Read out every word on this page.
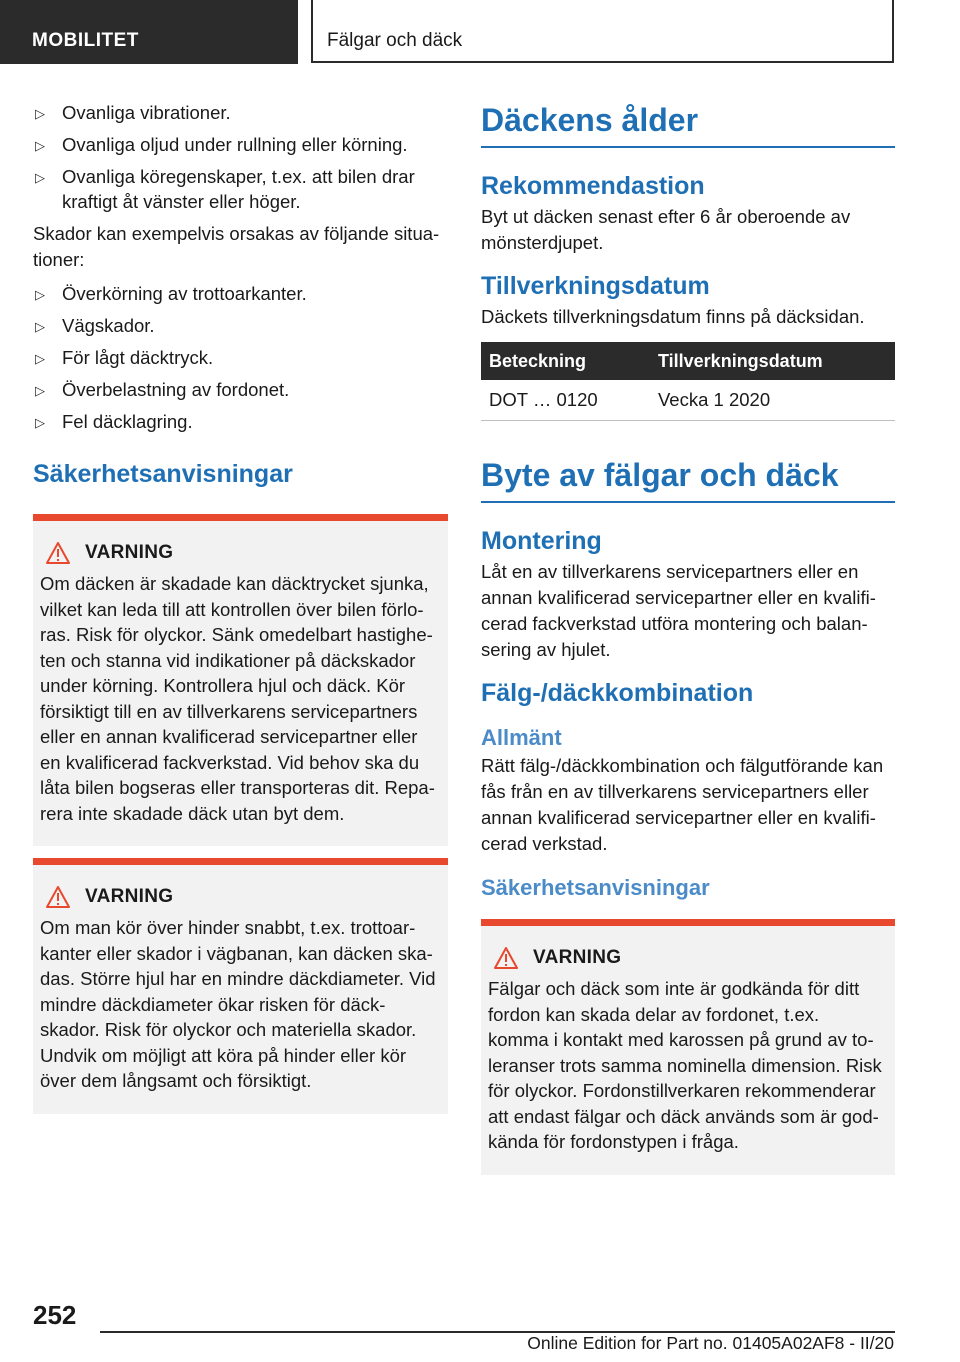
MOBILITET	Fälgar och däck
▷ Ovanliga vibrationer.
▷ Ovanliga oljud under rullning eller körning.
▷ Ovanliga köregenskaper, t.ex. att bilen drar kraftigt åt vänster eller höger.

Skador kan exempelvis orsakas av följande situa‐tioner:

▷ Överkörning av trottoarkanter.
▷ Vägskador.
▷ För lågt däcktryck.
▷ Överbelastning av fordonet.
▷ Fel däcklagring.
Säkerhetsanvisningar
VARNING

Om däcken är skadade kan däcktrycket sjunka, vilket kan leda till att kontrollen över bilen förlo‐ras. Risk för olyckor. Sänk omedelbart hastighe‐ten och stanna vid indikationer på däckskador under körning. Kontrollera hjul och däck. Kör försiktigt till en av tillverkarens servicepartners eller en annan kvalificerad servicepartner eller en kvalificerad fackverkstad. Vid behov ska du låta bilen bogseras eller transporteras dit. Repa‐rera inte skadade däck utan byt dem.

VARNING

Om man kör över hinder snabbt, t.ex. trottoar‐kanter eller skador i vägbanan, kan däcken ska‐das. Större hjul har en mindre däckdiameter. Vid mindre däckdiameter ökar risken för däck‐skador. Risk för olyckor och materiella skador. Undvik om möjligt att köra på hinder eller kör över dem långsamt och försiktigt.

Däckens ålder
Rekommendastion

Byt ut däcken senast efter 6 år oberoende av mönsterdjupet.

Tillverkningsdatum

Däckets tillverkningsdatum finns på däcksidan.

Beteckning	Tillverkningsdatum
DOT … 0120	Vecka 1 2020
Byte av fälgar och däck
Montering

Låt en av tillverkarens servicepartners eller en annan kvalificerad servicepartner eller en kvalifi‐cerad fackverkstad utföra montering och balan‐sering av hjulet.

Fälg-/däckkombination
Allmänt

Rätt fälg-/däckkombination och fälgutförande kan fås från en av tillverkarens servicepartners eller annan kvalificerad servicepartner eller en kvalifi‐cerad verkstad.

Säkerhetsanvisningar
VARNING

Fälgar och däck som inte är godkända för ditt fordon kan skada delar av fordonet, t.ex. komma i kontakt med karossen på grund av to‐leranser trots samma nominella dimension. Risk för olyckor. Fordonstillverkaren rekommenderar att endast fälgar och däck används som är god‐kända för fordonstypen i fråga.

252
Online Edition for Part no. 01405A02AF8 - II/20
